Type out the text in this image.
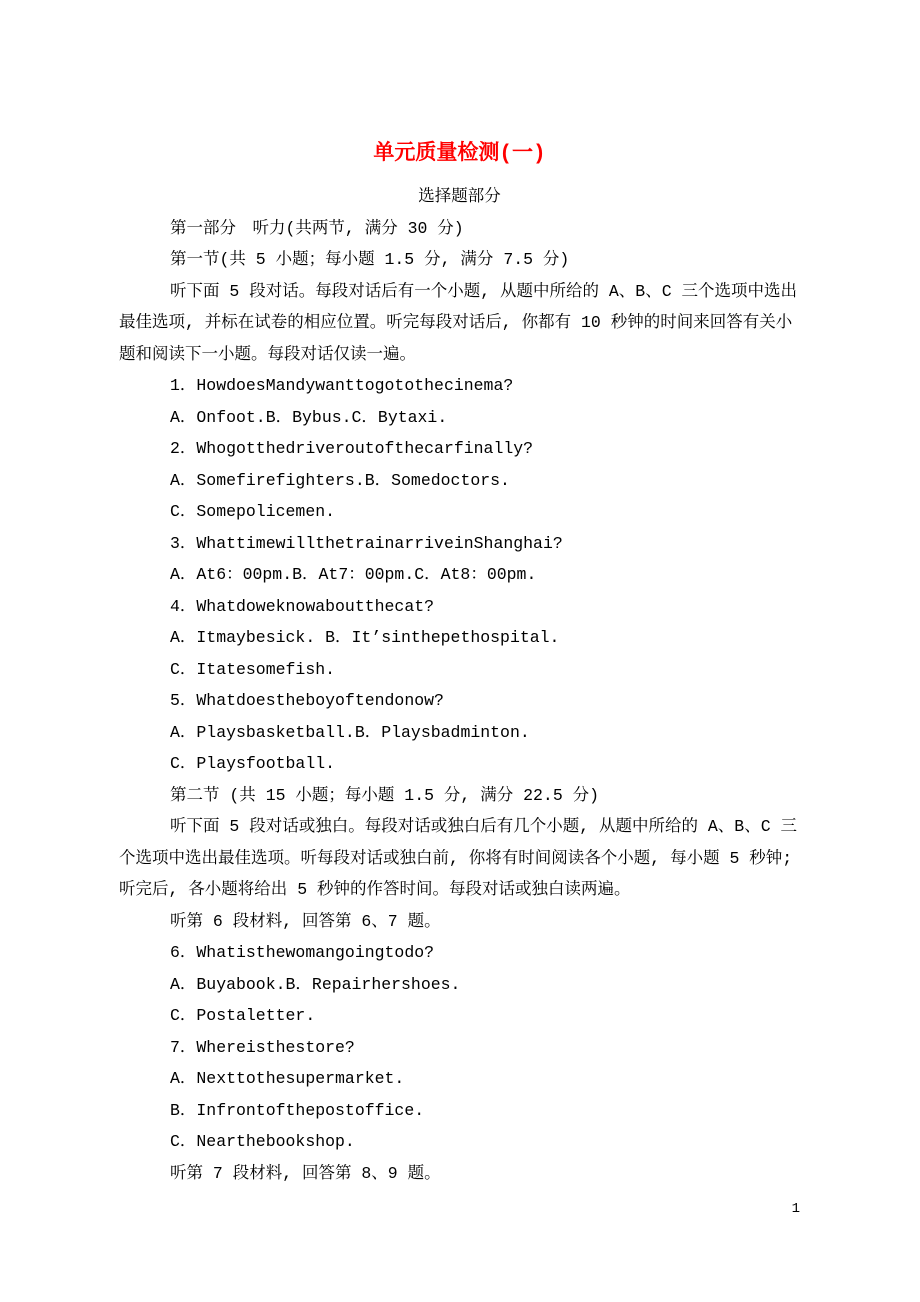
单元质量检测(一)
选择题部分

第一部分　听力(共两节, 满分 30 分)

第一节(共 5 小题；每小题 1.5 分, 满分 7.5 分)

听下面 5 段对话。每段对话后有一个小题, 从题中所给的 A、B、C 三个选项中选出最佳选项, 并标在试卷的相应位置。听完每段对话后, 你都有 10 秒钟的时间来回答有关小题和阅读下一小题。每段对话仅读一遍。

1．HowdoesMandywanttogotothecinema?

A．Onfoot.B．Bybus.C．Bytaxi.

2．Whogotthedriveroutofthecarfinally?

A．Somefirefighters.B．Somedoctors.

C．Somepolicemen.

3．WhattimewillthetrainarriveinShanghai?

A．At6：00pm.B．At7：00pm.C．At8：00pm.

4．Whatdoweknowaboutthecat?

A．Itmaybesick. B．It’sinthepethospital.

C．Itatesomefish.

5．Whatdoestheboyoftendonow?

A．Playsbasketball.B．Playsbadminton.

C．Playsfootball.

第二节 (共 15 小题；每小题 1.5 分, 满分 22.5 分)

听下面 5 段对话或独白。每段对话或独白后有几个小题, 从题中所给的 A、B、C 三个选项中选出最佳选项。听每段对话或独白前, 你将有时间阅读各个小题, 每小题 5 秒钟; 听完后, 各小题将给出 5 秒钟的作答时间。每段对话或独白读两遍。

听第 6 段材料, 回答第 6、7 题。

6．Whatisthewomangoingtodo?

A．Buyabook.B．Repairhershoes.

C．Postaletter.

7．Whereisthestore?

A．Nexttothesupermarket.

B．Infrontofthepostoffice.

C．Nearthebookshop.

听第 7 段材料, 回答第 8、9 题。

1
